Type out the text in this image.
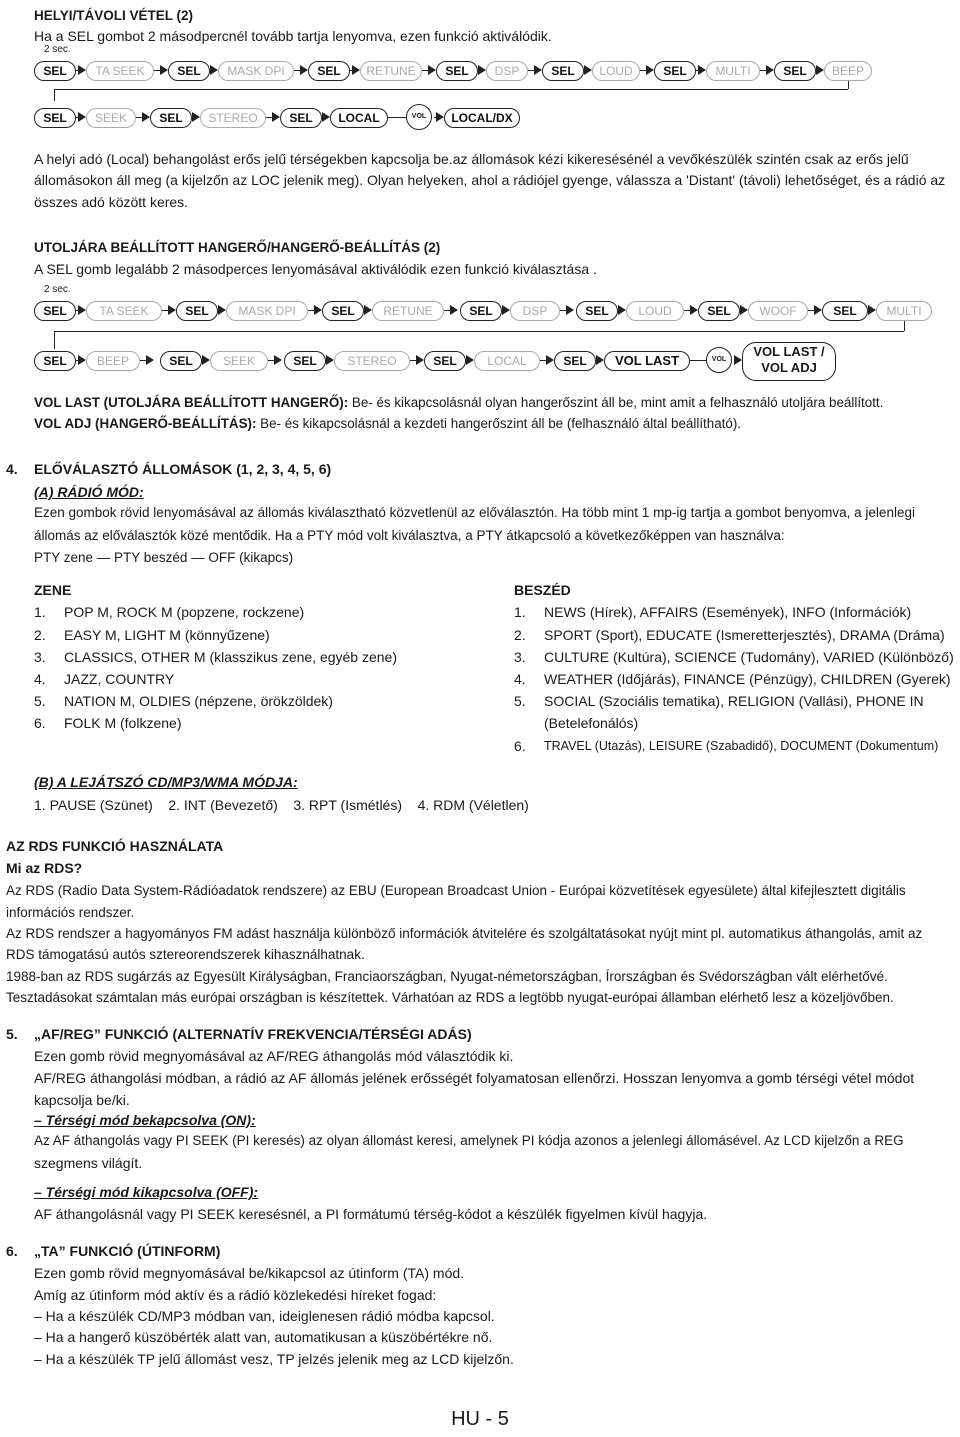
HELYI/TÁVOLI VÉTEL (2)
Ha a SEL gombot 2 másodpercnél tovább tartja lenyomva, ezen funkció aktiválódik.
2 sec.
SEL	TA SEEK	SEL	MASK DPI	SEL	RETUNE	SEL	DSP	SEL	LOUD	SEL	MULTI	SEL	BEEP
SEL	SEEK	SEL	STEREO	SEL	LOCAL	VOL	LOCAL/DX
A helyi adó (Local) behangolást erős jelű térségekben kapcsolja be.az állomások kézi kikeresésénél a vevőkészülék szintén csak az erős jelű
állomásokon áll meg (a kijelzőn az LOC jelenik meg). Olyan helyeken, ahol a rádiójel gyenge, válassza a 'Distant' (távoli) lehetőséget, és a rádió az
összes adó között keres.
UTOLJÁRA BEÁLLÍTOTT HANGERŐ/HANGERŐ-BEÁLLÍTÁS (2)
A SEL gomb legalább 2 másodperces lenyomásával aktiválódik ezen funkció kiválasztása .
2 sec.
SEL	TA SEEK	SEL	MASK DPI	SEL	RETUNE	SEL	DSP	SEL	LOUD	SEL	WOOF	SEL	MULTI
SEL	BEEP	SEL	SEEK	SEL	STEREO	SEL	LOCAL	SEL	VOL LAST	VOL
VOL LAST /
VOL ADJ
VOL LAST (UTOLJÁRA BEÁLLÍTOTT HANGERŐ): Be- és kikapcsolásnál olyan hangerőszint áll be, mint amit a felhasználó utoljára beállított.
VOL ADJ (HANGERŐ-BEÁLLÍTÁS): Be- és kikapcsolásnál a kezdeti hangerőszint áll be (felhasználó által beállítható).
4. ELŐVÁLASZTÓ ÁLLOMÁSOK (1, 2, 3, 4, 5, 6)
(A) RÁDIÓ MÓD:
Ezen gombok rövid lenyomásával az állomás kiválasztható közvetlenül az előválasztón. Ha több mint 1 mp-ig tartja a gombot benyomva, a jelenlegi
állomás az előválasztók közé mentődik. Ha a PTY mód volt kiválasztva, a PTY átkapcsoló a következőképpen van használva:
PTY zene — PTY beszéd — OFF (kikapcs)
ZENE
1. POP M, ROCK M (popzene, rockzene)
2. EASY M, LIGHT M (könnyűzene)
3. CLASSICS, OTHER M (klasszikus zene, egyéb zene)
4. JAZZ, COUNTRY
5. NATION M, OLDIES (népzene, örökzöldek)
6. FOLK M (folkzene)
BESZÉD
1. NEWS (Hírek), AFFAIRS (Események), INFO (Információk)
2. SPORT (Sport), EDUCATE (Ismeretterjesztés), DRAMA (Dráma)
3. CULTURE (Kultúra), SCIENCE (Tudomány), VARIED (Különböző)
4. WEATHER (Időjárás), FINANCE (Pénzügy), CHILDREN (Gyerek)
5. SOCIAL (Szociális tematika), RELIGION (Vallási), PHONE IN
(Betelefonálós)
6. TRAVEL (Utazás), LEISURE (Szabadidő), DOCUMENT (Dokumentum)
(B) A LEJÁTSZÓ CD/MP3/WMA MÓDJA:
1. PAUSE (Szünet)    2. INT (Bevezető)    3. RPT (Ismétlés)    4. RDM (Véletlen)
AZ RDS FUNKCIÓ HASZNÁLATA
Mi az RDS?
Az RDS (Radio Data System-Rádióadatok rendszere) az EBU (European Broadcast Union - Európai közvetítések egyesülete) által kifejlesztett digitális
információs rendszer.
Az RDS rendszer a hagyományos FM adást használja különböző információk átvitelére és szolgáltatásokat nyújt mint pl. automatikus áthangolás, amit az
RDS támogatású autós sztereorendszerek kihasználhatnak.
1988-ban az RDS sugárzás az Egyesült Királyságban, Franciaországban, Nyugat-németországban, Írországban és Svédországban vált elérhetővé.
Tesztadásokat számtalan más európai országban is készítettek. Várhatóan az RDS a legtöbb nyugat-európai államban elérhető lesz a közeljövőben.
5. „AF/REG” FUNKCIÓ (ALTERNATÍV FREKVENCIA/TÉRSÉGI ADÁS)
Ezen gomb rövid megnyomásával az AF/REG áthangolás mód választódik ki.
AF/REG áthangolási módban, a rádió az AF állomás jelének erősségét folyamatosan ellenőrzi. Hosszan lenyomva a gomb térségi vétel módot
kapcsolja be/ki.
– Térségi mód bekapcsolva (ON):
Az AF áthangolás vagy PI SEEK (PI keresés) az olyan állomást keresi, amelynek PI kódja azonos a jelenlegi állomásével. Az LCD kijelzőn a REG
szegmens világít.
– Térségi mód kikapcsolva (OFF):
AF áthangolásnál vagy PI SEEK keresésnél, a PI formátumú térség-kódot a készülék figyelmen kívül hagyja.
6. „TA” FUNKCIÓ (ÚTINFORM)
Ezen gomb rövid megnyomásával be/kikapcsol az útinform (TA) mód.
Amíg az útinform mód aktív és a rádió közlekedési híreket fogad:
– Ha a készülék CD/MP3 módban van, ideiglenesen rádió módba kapcsol.
– Ha a hangerő küszöbérték alatt van, automatikusan a küszöbértékre nő.
– Ha a készülék TP jelű állomást vesz, TP jelzés jelenik meg az LCD kijelzőn.
HU - 5
